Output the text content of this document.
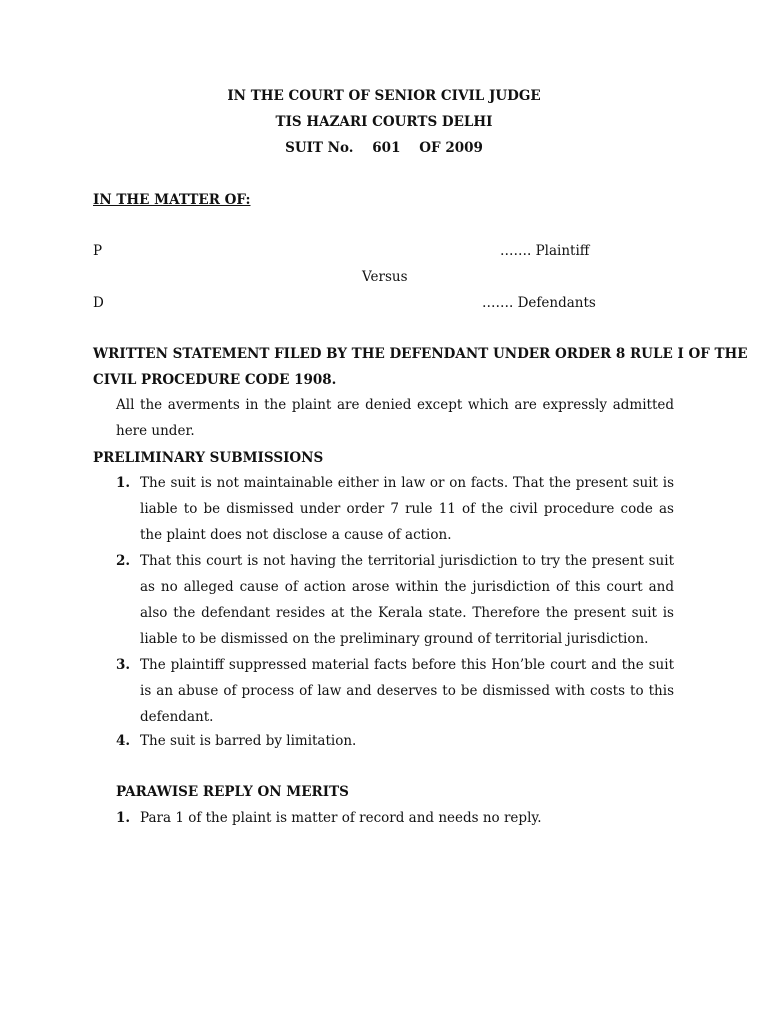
IN THE COURT OF SENIOR CIVIL JUDGE
TIS HAZARI COURTS DELHI
SUIT No. 601 OF 2009
IN THE MATTER OF:
P	……. Plaintiff
Versus
D	……. Defendants
WRITTEN STATEMENT FILED BY THE DEFENDANT UNDER ORDER 8 RULE I OF THE
CIVIL PROCEDURE CODE 1908.
All the averments in the plaint are denied except which are expressly admitted here under.
PRELIMINARY SUBMISSIONS
1. The suit is not maintainable either in law or on facts. That the present suit is liable to be dismissed under order 7 rule 11 of the civil procedure code as the plaint does not disclose a cause of action.
2. That this court is not having the territorial jurisdiction to try the present suit as no alleged cause of action arose within the jurisdiction of this court and also the defendant resides at the Kerala state. Therefore the present suit is liable to be dismissed on the preliminary ground of territorial jurisdiction.
3. The plaintiff suppressed material facts before this Hon’ble court and the suit is an abuse of process of law and deserves to be dismissed with costs to this defendant.
4. The suit is barred by limitation.
PARAWISE REPLY ON MERITS
1. Para 1 of the plaint is matter of record and needs no reply.
